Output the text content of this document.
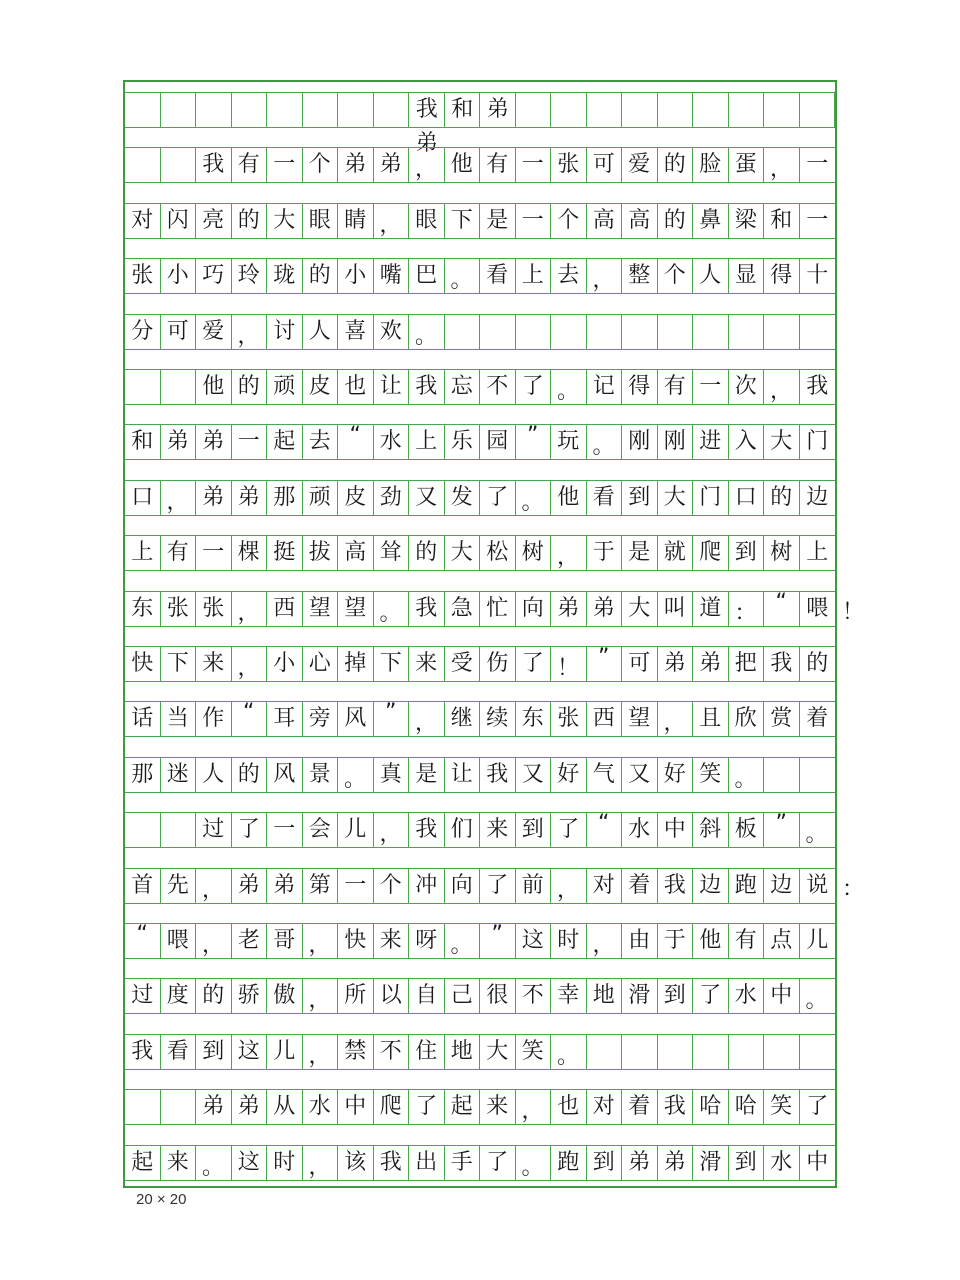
我和弟弟
我 有 一 个 弟 弟 ， 他 有 一 张 可 爱 的 脸 蛋 ， 一
对 闪 亮 的 大 眼 睛 ， 眼 下 是 一 个 高 高 的 鼻 梁 和 一
张 小 巧 玲 珑 的 小 嘴 巴 。 看 上 去 ， 整 个 人 显 得 十
分 可 爱 ， 讨 人 喜 欢 。
他 的 顽 皮 也 让 我 忘 不 了 。 记 得 有 一 次 ， 我
和 弟 弟 一 起 去 “ 水 上 乐 园 ” 玩 。 刚 刚 进 入 大 门
口 ， 弟 弟 那 顽 皮 劲 又 发 了 。 他 看 到 大 门 口 的 边
上 有 一 棵 挺 拔 高 耸 的 大 松 树 ， 于 是 就 爬 到 树 上
东 张 张 ， 西 望 望 。 我 急 忙 向 弟 弟 大 叫 道 ： “ 喂
快 下 来 ， 小 心 掉 下 来 受 伤 了 ！ ” 可 弟 弟 把 我 的
话 当 作 “ 耳 旁 风 ” ， 继 续 东 张 西 望 ， 且 欣 赏 着
那 迷 人 的 风 景 。 真 是 让 我 又 好 气 又 好 笑 。
过 了 一 会 儿 ， 我 们 来 到 了 “ 水 中 斜 板 ” 。
首 先 ， 弟 弟 第 一 个 冲 向 了 前 ， 对 着 我 边 跑 边 说
“ 喂 ， 老 哥 ， 快 来 呀 。 ” 这 时 ， 由 于 他 有 点 儿
过 度 的 骄 傲 ， 所 以 自 己 很 不 幸 地 滑 到 了 水 中 。
我 看 到 这 儿 ， 禁 不 住 地 大 笑 。
弟 弟 从 水 中 爬 了 起 来 ， 也 对 着 我 哈 哈 笑 了
起 来 。 这 时 ， 该 我 出 手 了 。 跑 到 弟 弟 滑 到 水 中
！
：
20 × 20
